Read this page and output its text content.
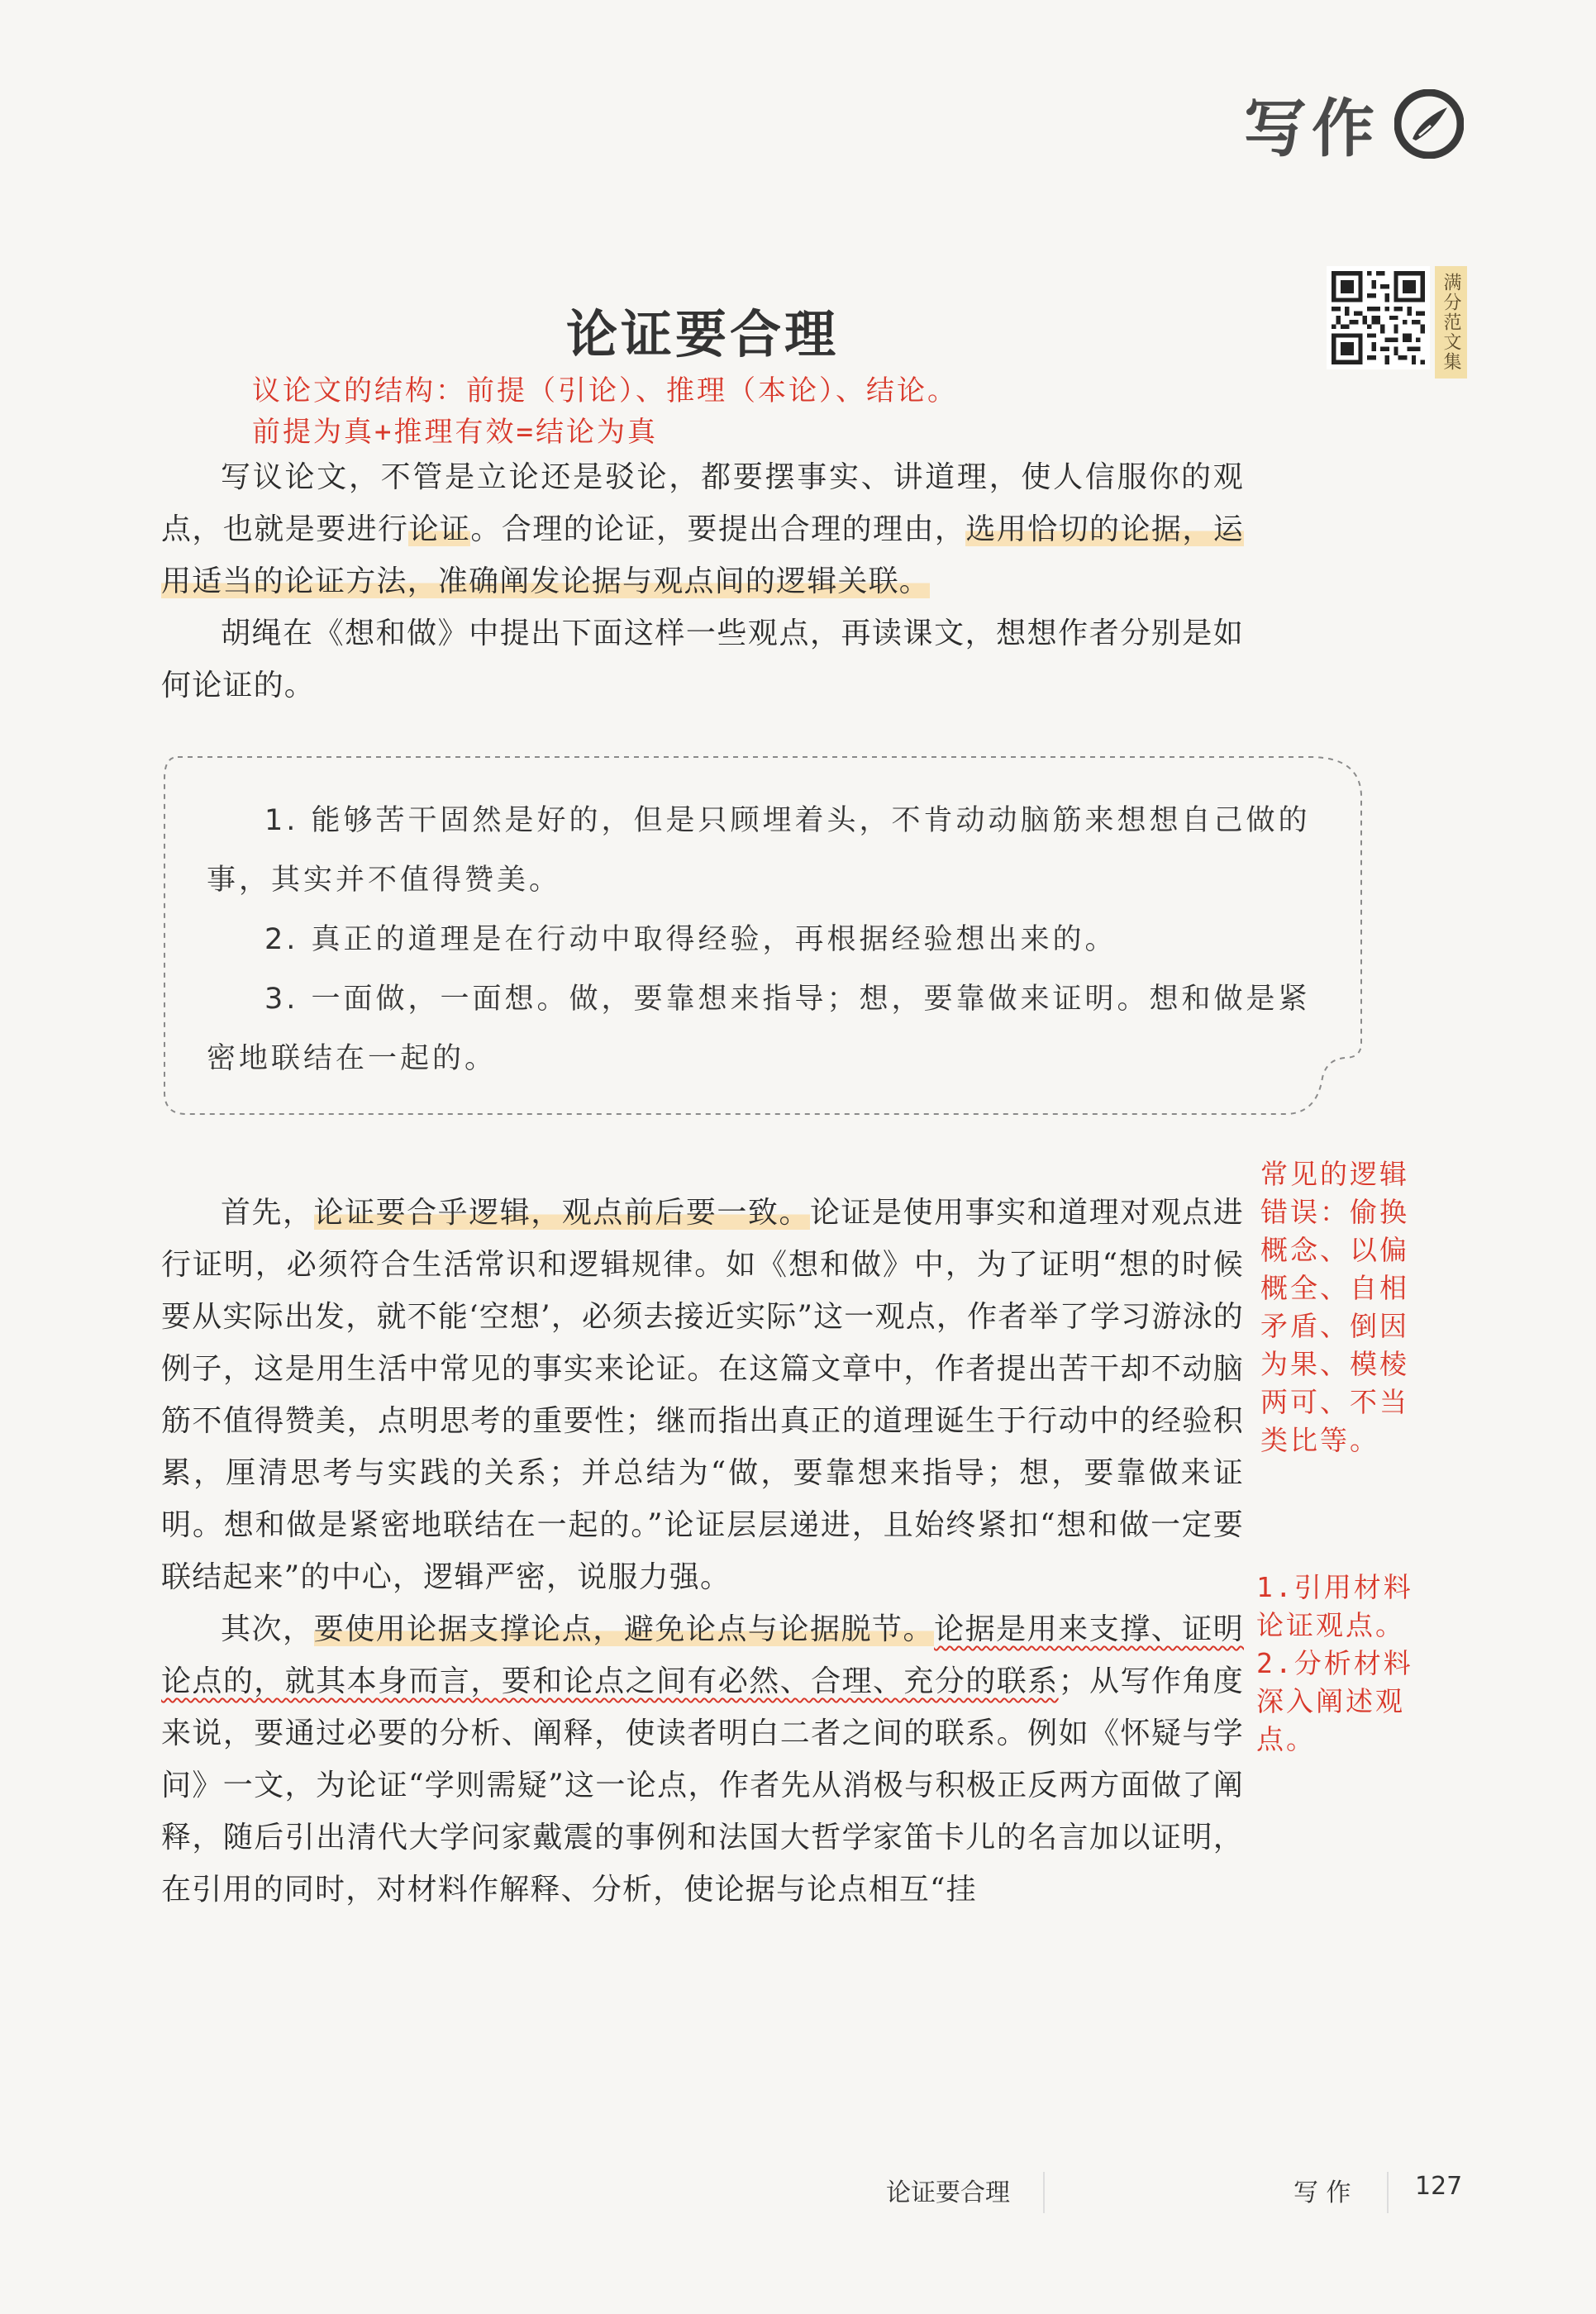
写作
满分范文集
论证要合理
议论文的结构：前提（引论）、推理（本论）、结论。
前提为真+推理有效=结论为真

写议论文，不管是立论还是驳论，都要摆事实、讲道理，使人信服你的观点，也就是要进行论证。合理的论证，要提出合理的理由，选用恰切的论据，运用适当的论证方法，准确阐发论据与观点间的逻辑关联。

胡绳在《想和做》中提出下面这样一些观点，再读课文，想想作者分别是如何论证的。

1. 能够苦干固然是好的，但是只顾埋着头，不肯动动脑筋来想想自己做的事，其实并不值得赞美。

2. 真正的道理是在行动中取得经验，再根据经验想出来的。

3. 一面做，一面想。做，要靠想来指导；想，要靠做来证明。想和做是紧密地联结在一起的。

首先，论证要合乎逻辑，观点前后要一致。论证是使用事实和道理对观点进行证明，必须符合生活常识和逻辑规律。如《想和做》中，为了证明“想的时候要从实际出发，就不能‘空想’，必须去接近实际”这一观点，作者举了学习游泳的例子，这是用生活中常见的事实来论证。在这篇文章中，作者提出苦干却不动脑筋不值得赞美，点明思考的重要性；继而指出真正的道理诞生于行动中的经验积累，厘清思考与实践的关系；并总结为“做，要靠想来指导；想，要靠做来证明。想和做是紧密地联结在一起的。”论证层层递进，且始终紧扣“想和做一定要联结起来”的中心，逻辑严密，说服力强。

其次，要使用论据支撑论点，避免论点与论据脱节。论据是用来支撑、证明论点的，就其本身而言，要和论点之间有必然、合理、充分的联系；从写作角度来说，要通过必要的分析、阐释，使读者明白二者之间的联系。例如《怀疑与学问》一文，为论证“学则需疑”这一论点，作者先从消极与积极正反两方面做了阐释，随后引出清代大学问家戴震的事例和法国大哲学家笛卡儿的名言加以证明，在引用的同时，对材料作解释、分析，使论据与论点相互“挂

常见的逻辑错误：偷换概念、以偏概全、自相矛盾、倒因为果、模棱两可、不当类比等。
1.引用材料论证观点。
2.分析材料深入阐述观点。
论证要合理	写 作	127
